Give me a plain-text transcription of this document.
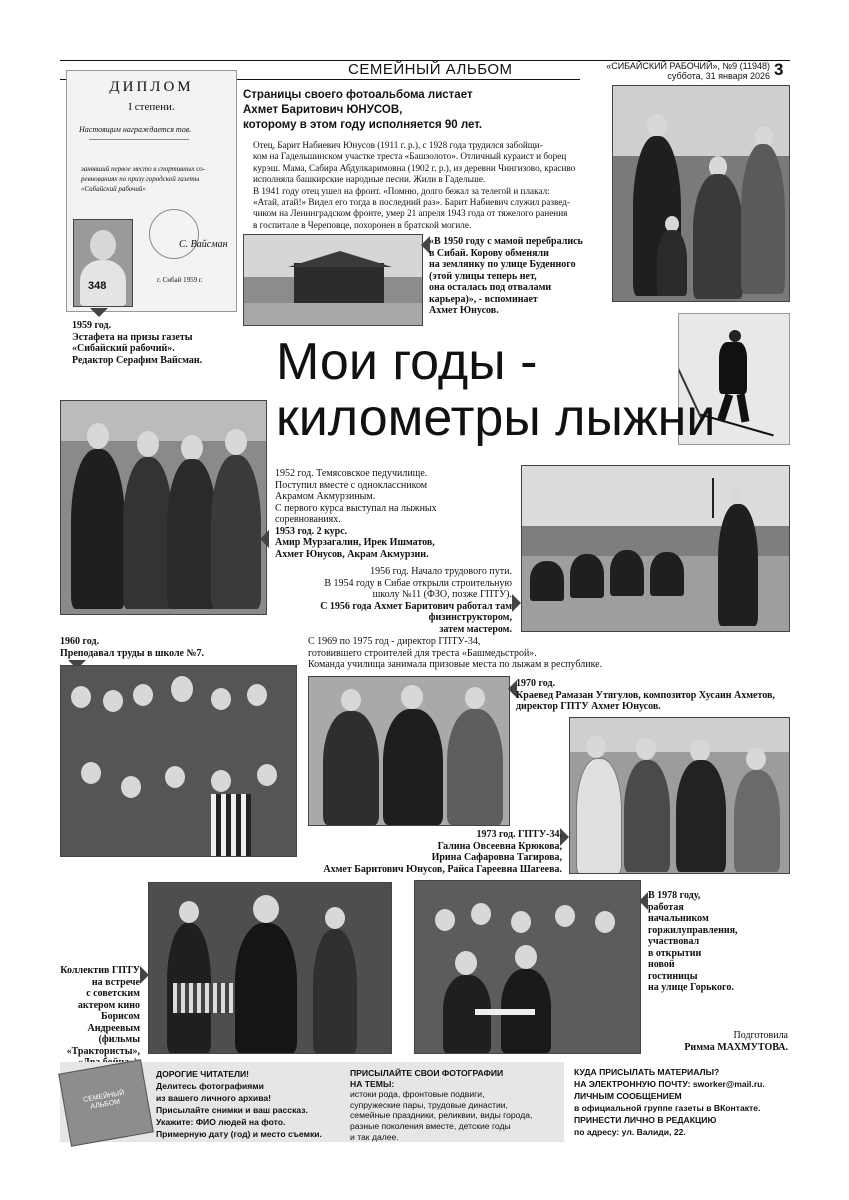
СЕМЕЙНЫЙ АЛЬБОМ	«СИБАЙСКИЙ РАБОЧИЙ», №9 (11948)
суббота, 31 января 2026 3
ДИПЛОМ
I степени.
Настоящим награждается тов.
занявший первое место в спортивных со-
ревнованиях по призу городской газеты
«Сибайский рабочий»
С. Вайсман
г. Сибай 1959 г.
348
1959 год.
Эстафета на призы газеты
«Сибайский рабочий».
Редактор Серафим Вайсман.
Страницы своего фотоальбома листает
Ахмет Баритович ЮНУСОВ,
которому в этом году исполняется 90 лет.
Отец, Барит Набиевич Юнусов (1911 г. р.), с 1928 года трудился забойщи-
ком на Гадельшинском участке треста «Башзолото». Отличный кураист и борец
курэш. Мама, Сабира Абдулкаримовна (1902 г. р.), из деревни Чингизово, красиво
исполняла башкирские народные песни. Жили в Гадельше.
В 1941 году отец ушел на фронт. «Помню, долго бежал за телегой и плакал:
«Атай, атай!» Видел его тогда в последний раз». Барит Набиевич служил развед-
чиком на Ленинградском фронте, умер 21 апреля 1943 года от тяжелого ранения
в госпитале в Череповце, похоронен в братской могиле.
«В 1950 году с мамой перебрались
в Сибай. Корову обменяли
на землянку по улице Буденного
(этой улицы теперь нет,
она осталась под отвалами
карьера)», - вспоминает
Ахмет Юнусов.
Мои годы -
километры лыжни
1952 год. Темясовское педучилище.
Поступил вместе с одноклассником
Акрамом Акмурзиным.
С первого курса выступал на лыжных
соревнованиях.
1953 год. 2 курс.
Амир Мурзагалин, Ирек Ишматов,
Ахмет Юнусов, Акрам Акмурзин.
1956 год. Начало трудового пути.
В 1954 году в Сибае открыли строительную
школу №11 (ФЗО, позже ГПТУ).
С 1956 года Ахмет Баритович работал там
физинструктором,
затем мастером.
1960 год.
Преподавал труды в школе №7.
С 1969 по 1975 год - директор ГПТУ-34,
готовившего строителей для треста «Башмедьстрой».
Команда училища занимала призовые места по лыжам в республике.
1970 год.
Краевед Рамазан Утягулов, композитор Хусаин Ахметов,
директор ГПТУ Ахмет Юнусов.
1973 год. ГПТУ-34.
Галина Овсеевна Крюкова,
Ирина Сафаровна Тагирова,
Ахмет Баритович Юнусов, Райса Гареевна Шагеева.
Коллектив ГПТУ
на встрече
с советским
актером кино
Борисом
Андреевым
(фильмы
«Трактористы»,
В 1978 году,
работая
начальником
горжилуправления,
участвовал
в открытии
новой
гостиницы
на улице Горького.
Подготовила
Римма МАХМУТОВА.
СЕМЕЙНЫЙ АЛЬБОМ
ДОРОГИЕ ЧИТАТЕЛИ!
Делитесь фотографиями
из вашего личного архива!
Присылайте снимки и ваш рассказ.
Укажите: ФИО людей на фото.
Примерную дату (год) и место съемки.
ПРИСЫЛАЙТЕ СВОИ ФОТОГРАФИИ
НА ТЕМЫ:
истоки рода, фронтовые подвиги,
супружеские пары, трудовые династии,
семейные праздники, реликвии, виды города,
разные поколения вместе, детские годы
и так далее.
КУДА ПРИСЫЛАТЬ МАТЕРИАЛЫ?
НА ЭЛЕКТРОННУЮ ПОЧТУ: sworker@mail.ru.
ЛИЧНЫМ СООБЩЕНИЕМ
в официальной группе газеты в ВКонтакте.
ПРИНЕСТИ ЛИЧНО В РЕДАКЦИЮ
по адресу: ул. Валиди, 22.
